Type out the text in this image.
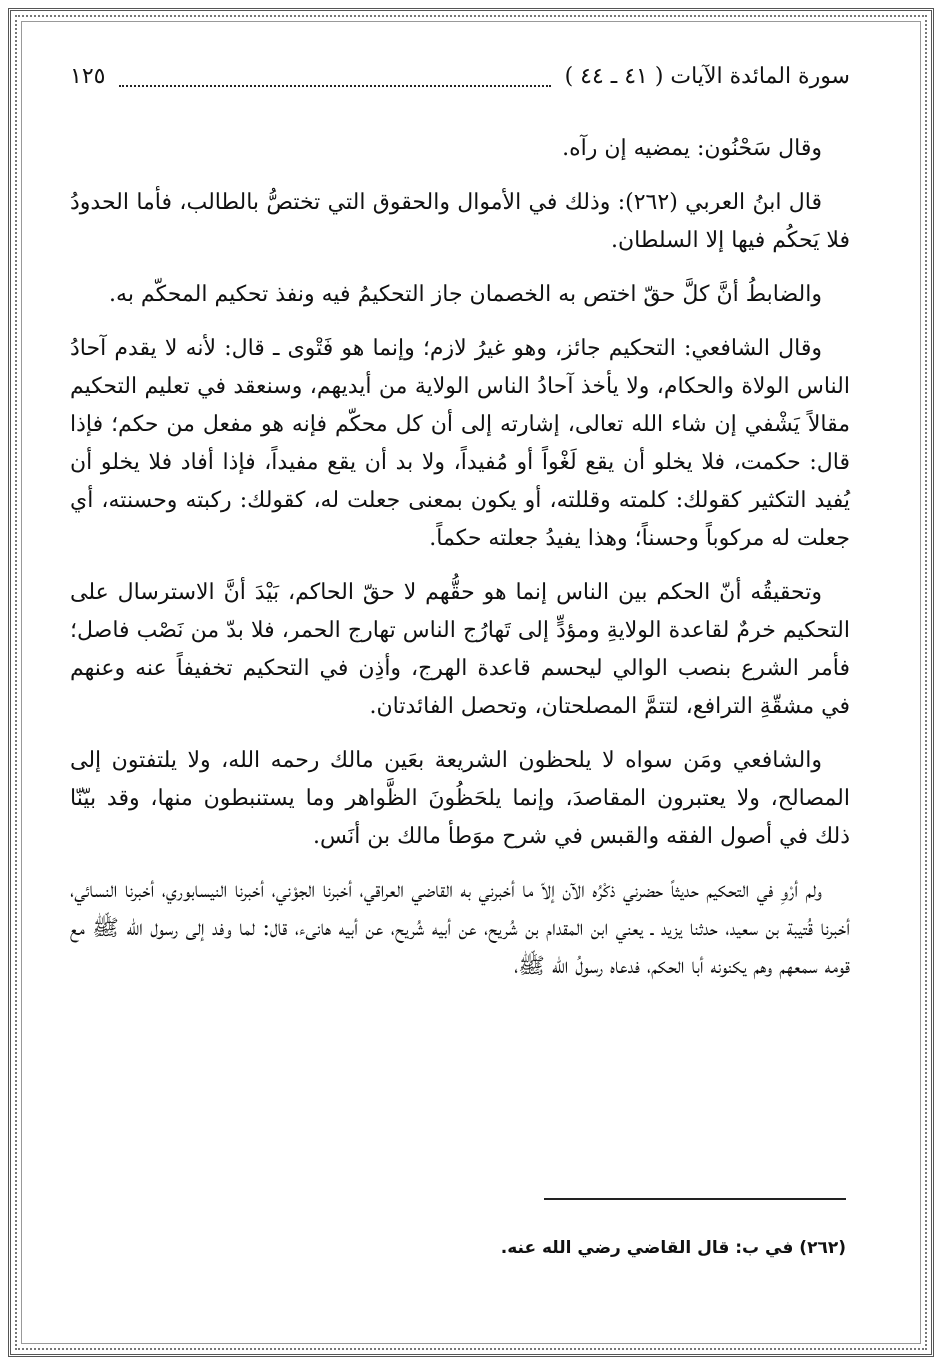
سورة المائدة الآيات ( ٤١ ـ ٤٤ )
١٢٥

وقال سَحْنُون: يمضيه إن رآه.

قال ابنُ العربي (٢٦٢): وذلك في الأموال والحقوق التي تختصُّ بالطالب، فأما الحدودُ فلا يَحكُم فيها إلا السلطان.

والضابطُ أنَّ كلَّ حقّ اختص به الخصمان جاز التحكيمُ فيه ونفذ تحكيم المحكّم به.

وقال الشافعي: التحكيم جائز، وهو غيرُ لازم؛ وإنما هو فَتْوى ـ قال: لأنه لا يقدم آحادُ الناس الولاة والحكام، ولا يأخذ آحادُ الناس الولاية من أيديهم، وسنعقد في تعليم التحكيم مقالاً يَشْفي إن شاء الله تعالى، إشارته إلى أن كل محكّم فإنه هو مفعل من حكم؛ فإذا قال: حكمت، فلا يخلو أن يقع لَغْواً أو مُفيداً، ولا بد أن يقع مفيداً، فإذا أفاد فلا يخلو أن يُفيد التكثير كقولك: كلمته وقللته، أو يكون بمعنى جعلت له، كقولك: ركبته وحسنته، أي جعلت له مركوباً وحسناً؛ وهذا يفيدُ جعلته حكماً.

وتحقيقُه أنّ الحكم بين الناس إنما هو حقُّهم لا حقّ الحاكم، بَيْدَ أنَّ الاسترسال على التحكيم خرمٌ لقاعدة الولايةِ ومؤدٍّ إلى تَهارُج الناس تهارج الحمر، فلا بدّ من نَصْب فاصل؛ فأمر الشرع بنصب الوالي ليحسم قاعدة الهرج، وأذِن في التحكيم تخفيفاً عنه وعنهم في مشقّةِ الترافع، لتتمَّ المصلحتان، وتحصل الفائدتان.

والشافعي ومَن سواه لا يلحظون الشريعة بعَين مالك رحمه الله، ولا يلتفتون إلى المصالح، ولا يعتبرون المقاصدَ، وإنما يلحَظُونَ الظَّواهر وما يستنبطون منها، وقد بيّنّا ذلك في أصول الفقه والقبس في شرح موَطأ مالك بن أنَس.

ولم أرْوِ في التحكيم حديثاً حضرني ذكْرُه الآن إلاّ ما أخبرني به القاضي العراقي، أخبرنا الجوْني، أخبرنا النيسابوري، أخبرنا النسائي، أخبرنا قُتيبة بن سعيد، حدثنا يزيد ـ يعني ابن المقدام بن شُريح، عن أبيه شُريح، عن أبيه هانىء، قال: لما وفد إلى رسول الله ﷺ مع قومه سمعهم وهم يكنونه أبا الحكم، فدعاه رسولُ الله ﷺ،

(٢٦٢) في ب: قال القاضي رضي الله عنه.
